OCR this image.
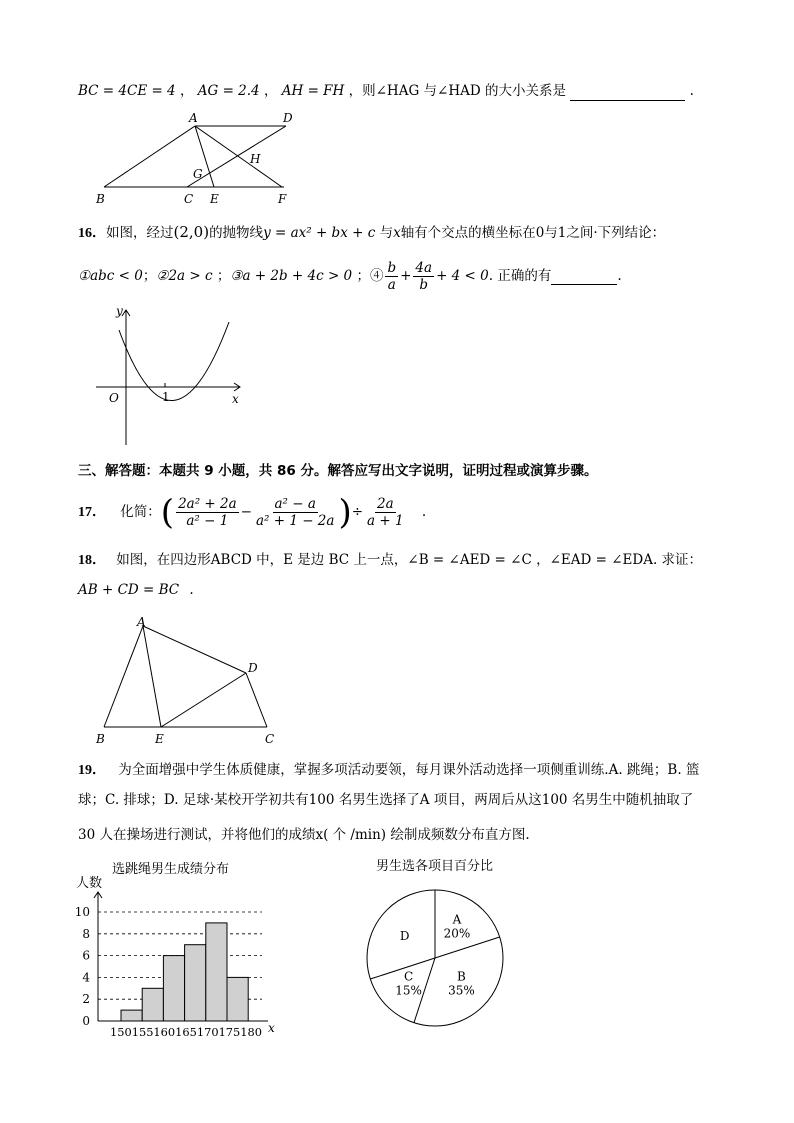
BC = 4CE = 4 ， AG = 2.4 ， AH = FH ，则∠HAG 与∠HAD 的大小关系是	.
A	D
H
G
B	C E	F
16．如图，经过(2,0)的抛物线y = ax² + bx + c 与x轴有个交点的横坐标在0与1之间·下列结论：
①abc < 0；②2a > c ；③a + 2b + 4c > 0 ；④ $\frac{b}{a} + \frac{4a}{b} + 4 < 0$. 正确的有	.
y
x
O	1
三、解答题：本题共 9 小题，共 86 分。解答应写出文字说明，证明过程或演算步骤。
17． 化简：( $\frac{\text{2a² + 2a}}{\text{a² − 1}} - \frac{\text{a² − a}}{\text{a² + 1 − 2a}}$ )÷ $\frac{2a}{a + 1}$ .
18． 如图，在四边形ABCD 中，E 是边 BC 上一点，∠B = ∠AED = ∠C ，∠EAD = ∠EDA. 求证：
AB + CD = BC .
A
D
B	E	C
19． 为全面增强中学生体质健康，掌握多项活动要领，每月课外活动选择一项侧重训练.A. 跳绳；B. 篮
球；C. 排球；D. 足球·某校开学初共有100 名男生选择了A 项目，两周后从这100 名男生中随机抽取了
30 人在操场进行测试，并将他们的成绩x( 个 /min) 绘制成频数分布直方图.
选跳绳男生成绩分布
人数
x
0
2
4
6
8
10
150155160165170175180
男生选各项目百分比
A
20%
B
35%
C
15%
D
